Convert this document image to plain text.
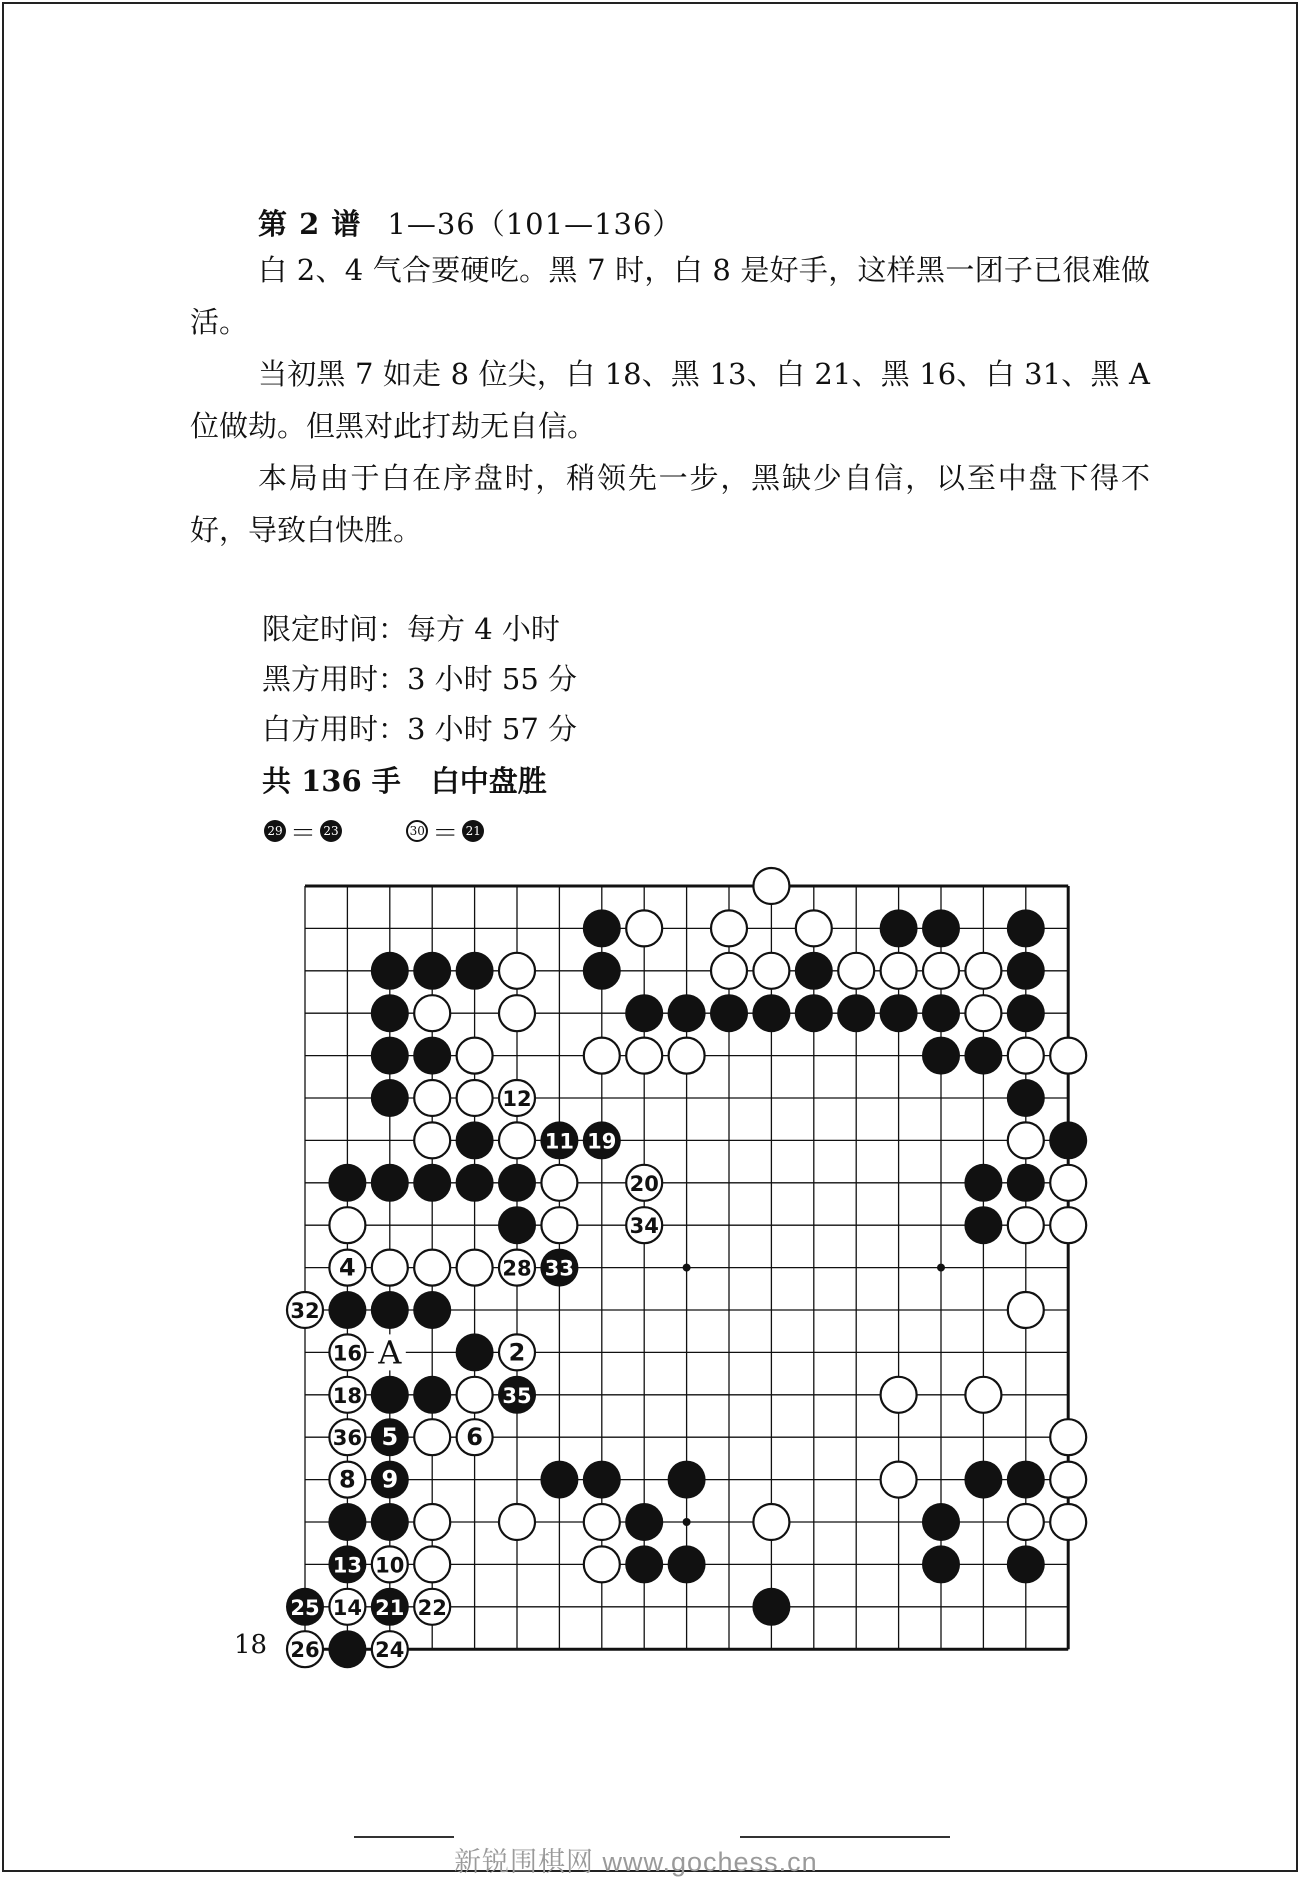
第 2 谱 1—36（101—136）
白 2、4 气合要硬吃。黑 7 时，白 8 是好手，这样黑一团子已很难做活。
当初黑 7 如走 8 位尖，白 18、黑 13、白 21、黑 16、白 31、黑 A 位做劫。但黑对此打劫无自信。
本局由于白在序盘时，稍领先一步，黑缺少自信，以至中盘下得不好，导致白快胜。
限定时间：每方 4 小时
黑方用时：3 小时 55 分
白方用时：3 小时 57 分
共 136 手 白中盘胜
29 ＝ 23
	30 ＝ 21
2
4
5	6
8 9
10
11
12
13
14
16
18
19
20
21 22
24
25
26
28
32
33
34
35
36
A
18
新锐围棋网 www.gochess.cn
